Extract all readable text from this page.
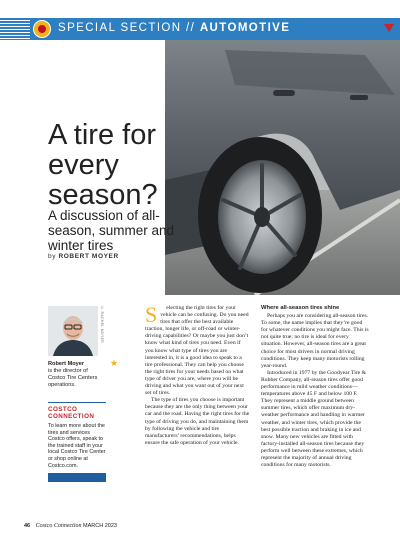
SPECIAL SECTION // AUTOMOTIVE
A tire for every season?

A discussion of all-season, summer and winter tires

by ROBERT MOYER
© RACHEL MOYER
Robert Moyer
is the director of Costco Tire Centers operations.
★
COSTCO
CONNECTION
To learn more about the tires and services Costco offers, speak to the trained staff in your local Costco Tire Center or shop online at Costco.com.

S electing the right tires for your vehicle can be confusing. Do you need tires that offer the best available traction, longer life, or off-road or winter-driving capabilities? Or maybe you just don’t know what kind of tires you need. Even if you know what type of tires you are interested in, it is a good idea to speak to a tire professional. They can help you choose the right tires for your needs based on what type of driver you are, where you will be driving and what you want out of your next set of tires.

The type of tires you choose is important because they are the only thing between your car and the road. Having the right tires for the type of driving you do, and maintaining them by following the vehicle and tire manufacturers’ recommendations, helps ensure the safe operation of your vehicle.

Where all-season tires shine

Perhaps you are considering all-season tires. To some, the name implies that they’re good for whatever conditions you might face. This is not quite true; no tire is ideal for every situation. However, all-season tires are a great choice for most drivers in normal driving conditions. They keep many motorists rolling year-round.

Introduced in 1977 by the Goodyear Tire & Rubber Company, all-season tires offer good performance in mild weather conditions—temperatures above 45 F and below 100 F. They represent a middle ground between summer tires, which offer maximum dry-weather performance and handling in warmer weather, and winter tires, which provide the best possible traction and braking in ice and snow. Many new vehicles are fitted with factory-installed all-season tires because they perform well between these extremes, which represent the majority of annual driving conditions for many motorists.

46 Costco Connection MARCH 2023
